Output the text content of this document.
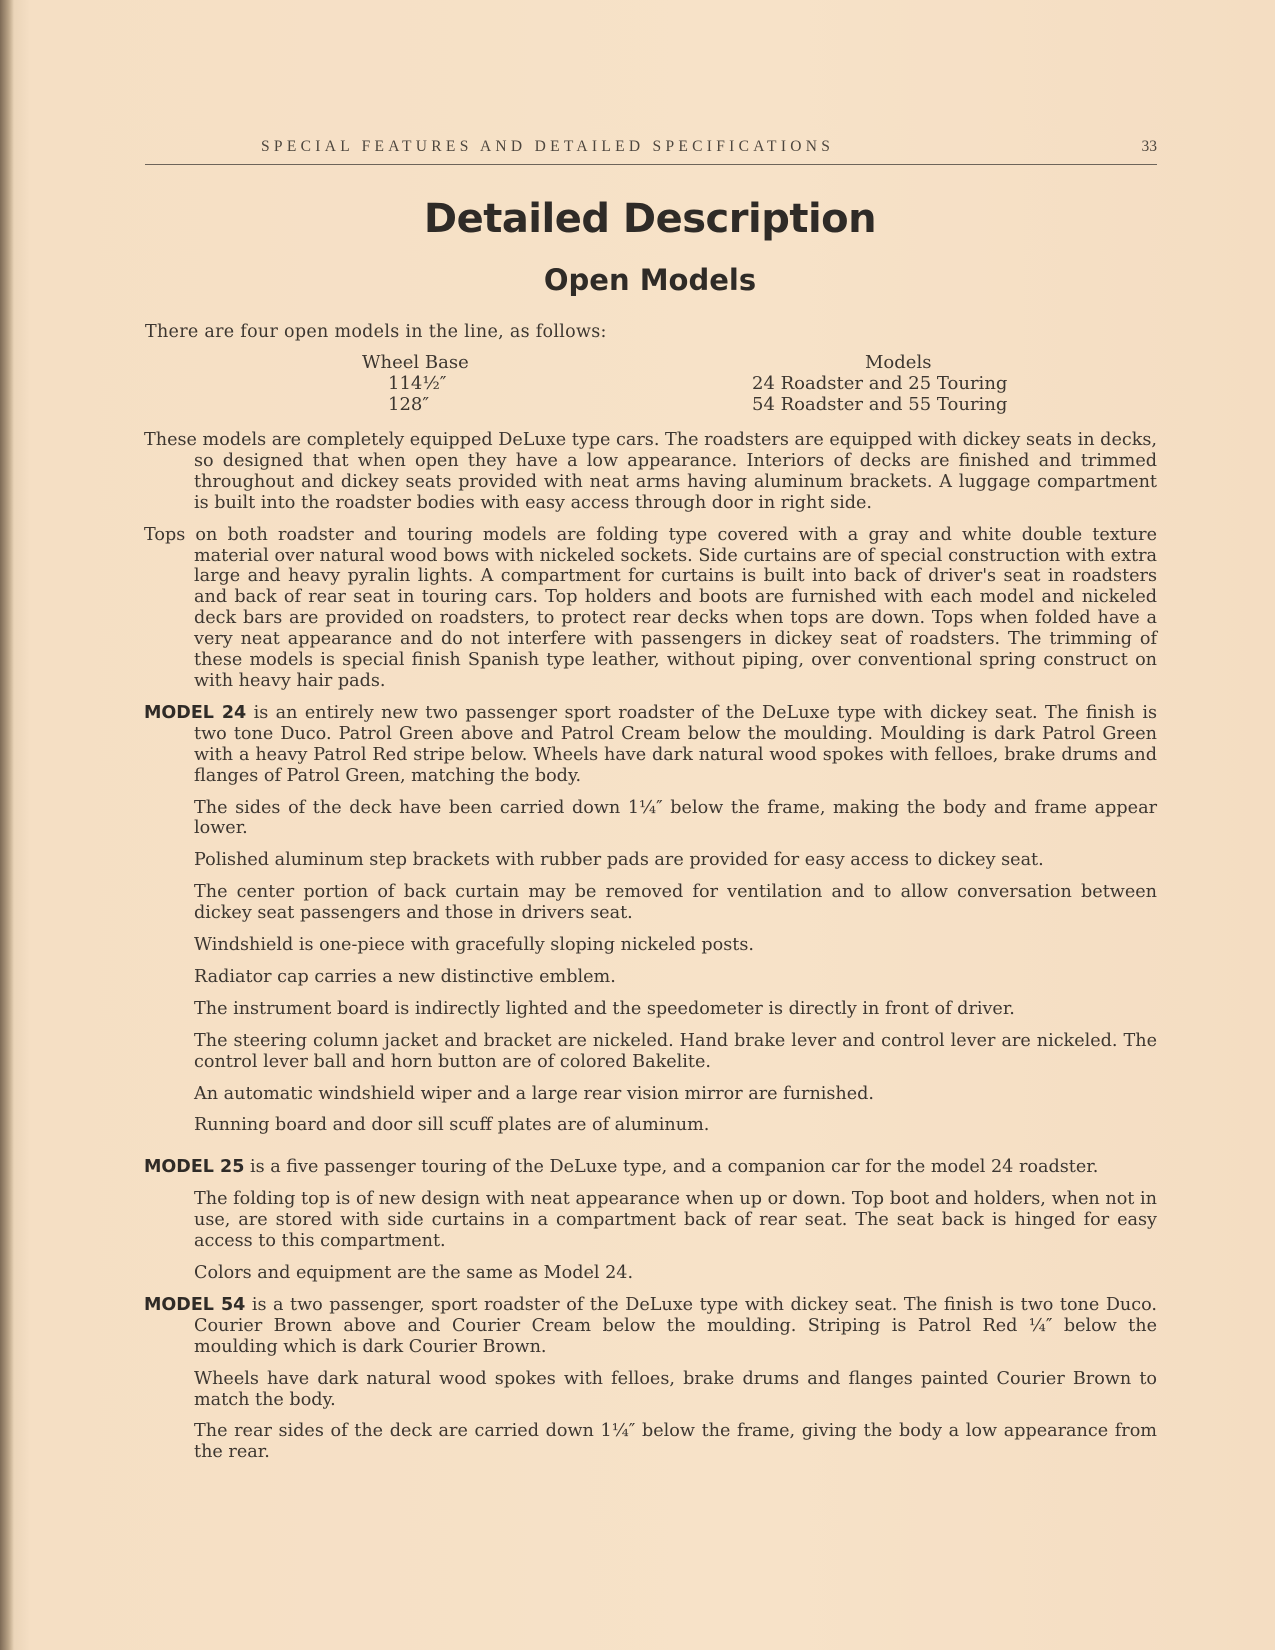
SPECIAL FEATURES AND DETAILED SPECIFICATIONS	33
Detailed Description
Open Models
There are four open models in the line, as follows:
Wheel Base
114½″
128″
Models
24 Roadster and 25 Touring
54 Roadster and 55 Touring

These models are completely equipped DeLuxe type cars. The roadsters are equipped with dickey seats in decks, so designed that when open they have a low appearance. Interiors of decks are finished and trimmed throughout and dickey seats provided with neat arms having aluminum brackets. A luggage compartment is built into the roadster bodies with easy access through door in right side.

Tops on both roadster and touring models are folding type covered with a gray and white double texture material over natural wood bows with nickeled sockets. Side curtains are of special construction with extra large and heavy pyralin lights. A compartment for curtains is built into back of driver's seat in roadsters and back of rear seat in touring cars. Top holders and boots are furnished with each model and nickeled deck bars are provided on roadsters, to protect rear decks when tops are down. Tops when folded have a very neat appearance and do not interfere with passengers in dickey seat of roadsters. The trimming of these models is special finish Spanish type leather, without piping, over conventional spring construct on with heavy hair pads.

MODEL 24 is an entirely new two passenger sport roadster of the DeLuxe type with dickey seat. The finish is two tone Duco. Patrol Green above and Patrol Cream below the moulding. Moulding is dark Patrol Green with a heavy Patrol Red stripe below. Wheels have dark natural wood spokes with felloes, brake drums and flanges of Patrol Green, matching the body.

The sides of the deck have been carried down 1¼″ below the frame, making the body and frame appear lower.

Polished aluminum step brackets with rubber pads are provided for easy access to dickey seat.

The center portion of back curtain may be removed for ventilation and to allow conversation between dickey seat passengers and those in drivers seat.

Windshield is one-piece with gracefully sloping nickeled posts.

Radiator cap carries a new distinctive emblem.

The instrument board is indirectly lighted and the speedometer is directly in front of driver.

The steering column jacket and bracket are nickeled. Hand brake lever and control lever are nickeled. The control lever ball and horn button are of colored Bakelite.

An automatic windshield wiper and a large rear vision mirror are furnished.

Running board and door sill scuff plates are of aluminum.

MODEL 25 is a five passenger touring of the DeLuxe type, and a companion car for the model 24 roadster.

The folding top is of new design with neat appearance when up or down. Top boot and holders, when not in use, are stored with side curtains in a compartment back of rear seat. The seat back is hinged for easy access to this compartment.

Colors and equipment are the same as Model 24.

MODEL 54 is a two passenger, sport roadster of the DeLuxe type with dickey seat. The finish is two tone Duco. Courier Brown above and Courier Cream below the moulding. Striping is Patrol Red ¼″ below the moulding which is dark Courier Brown.

Wheels have dark natural wood spokes with felloes, brake drums and flanges painted Courier Brown to match the body.

The rear sides of the deck are carried down 1¼″ below the frame, giving the body a low appearance from the rear.
